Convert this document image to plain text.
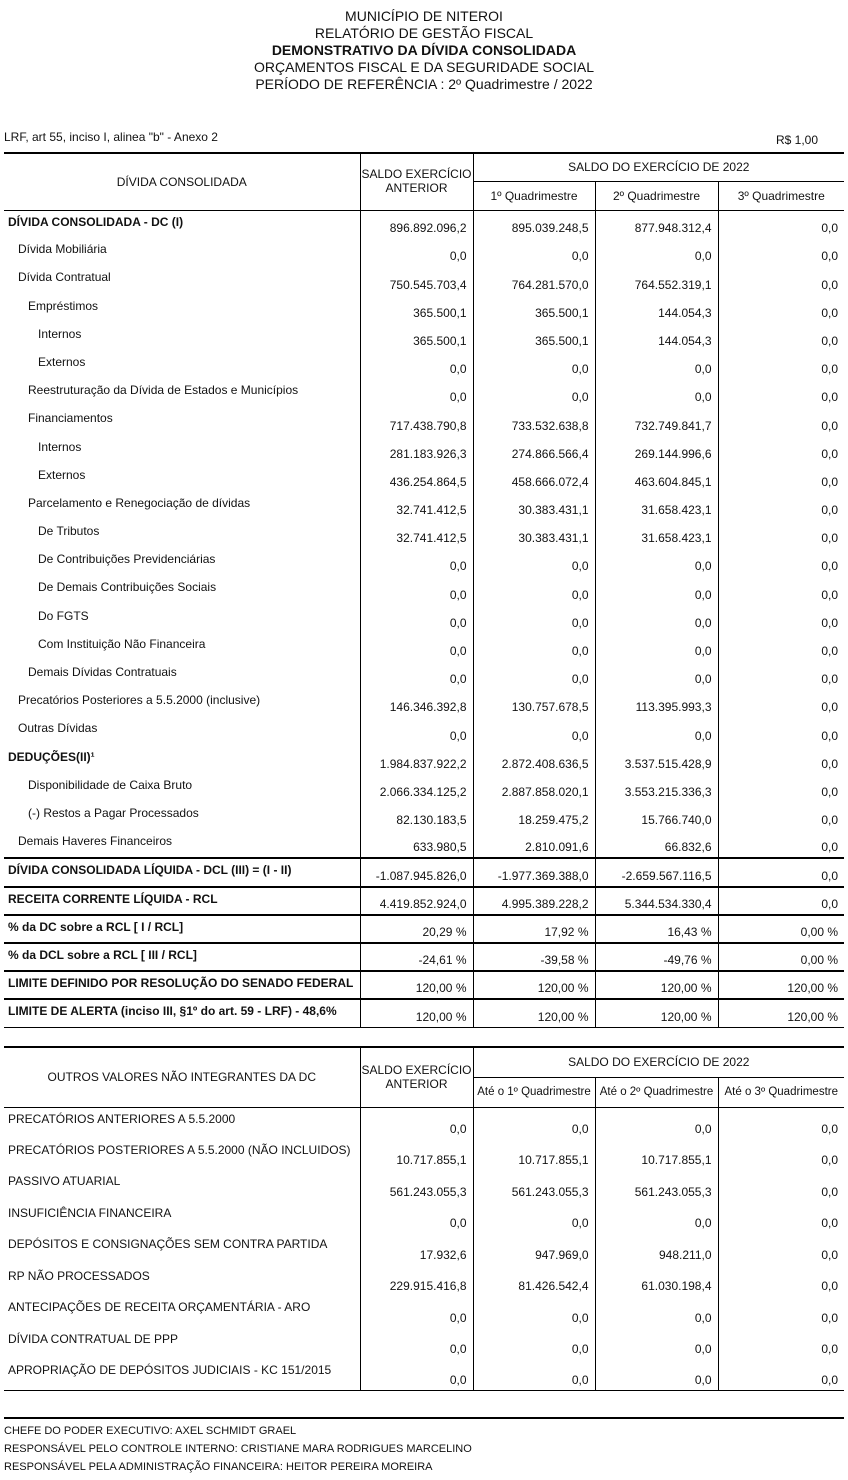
MUNICÍPIO DE NITEROI
RELATÓRIO DE GESTÃO FISCAL
DEMONSTRATIVO DA DÍVIDA CONSOLIDADA
ORÇAMENTOS FISCAL E DA SEGURIDADE SOCIAL
PERÍODO DE REFERÊNCIA : 2º Quadrimestre / 2022
LRF, art 55, inciso I, alinea "b" - Anexo 2	R$ 1,00
DÍVIDA CONSOLIDADA	SALDO EXERCÍCIO	SALDO DO EXERCÍCIO DE 2022		
	ANTERIOR	1º Quadrimestre	2º Quadrimestre	3º Quadrimestre
DÍVIDA CONSOLIDADA - DC (I)	896.892.096,2	895.039.248,5	877.948.312,4	0,0
Dívida Mobiliária	0,0	0,0	0,0	0,0
Dívida Contratual	750.545.703,4	764.281.570,0	764.552.319,1	0,0
Empréstimos	365.500,1	365.500,1	144.054,3	0,0
Internos	365.500,1	365.500,1	144.054,3	0,0
Externos	0,0	0,0	0,0	0,0
Reestruturação da Dívida de Estados e Municípios	0,0	0,0	0,0	0,0
Financiamentos	717.438.790,8	733.532.638,8	732.749.841,7	0,0
Internos	281.183.926,3	274.866.566,4	269.144.996,6	0,0
Externos	436.254.864,5	458.666.072,4	463.604.845,1	0,0
Parcelamento e Renegociação de dívidas	32.741.412,5	30.383.431,1	31.658.423,1	0,0
De Tributos	32.741.412,5	30.383.431,1	31.658.423,1	0,0
De Contribuições Previdenciárias	0,0	0,0	0,0	0,0
De Demais Contribuições Sociais	0,0	0,0	0,0	0,0
Do FGTS	0,0	0,0	0,0	0,0
Com Instituição Não Financeira	0,0	0,0	0,0	0,0
Demais Dívidas Contratuais	0,0	0,0	0,0	0,0
Precatórios Posteriores a 5.5.2000 (inclusive)	146.346.392,8	130.757.678,5	113.395.993,3	0,0
Outras Dívidas	0,0	0,0	0,0	0,0
DEDUÇÕES(II)¹	1.984.837.922,2	2.872.408.636,5	3.537.515.428,9	0,0
Disponibilidade de Caixa Bruto	2.066.334.125,2	2.887.858.020,1	3.553.215.336,3	0,0
(-) Restos a Pagar Processados	82.130.183,5	18.259.475,2	15.766.740,0	0,0
Demais Haveres Financeiros	633.980,5	2.810.091,6	66.832,6	0,0
DÍVIDA CONSOLIDADA LÍQUIDA - DCL (III) = (I - II)	-1.087.945.826,0	-1.977.369.388,0	-2.659.567.116,5	0,0
RECEITA CORRENTE LÍQUIDA - RCL	4.419.852.924,0	4.995.389.228,2	5.344.534.330,4	0,0
% da DC sobre a RCL [ I / RCL]	20,29 %	17,92 %	16,43 %	0,00 %
% da DCL sobre a RCL [ III / RCL]	-24,61 %	-39,58 %	-49,76 %	0,00 %
LIMITE DEFINIDO POR RESOLUÇÃO DO SENADO FEDERAL	120,00 %	120,00 %	120,00 %	120,00 %
LIMITE DE ALERTA (inciso III, §1º do art. 59 - LRF) - 48,6%	120,00 %	120,00 %	120,00 %	120,00 %
OUTROS VALORES NÃO INTEGRANTES DA DC	SALDO EXERCÍCIO	SALDO DO EXERCÍCIO DE 2022		
	ANTERIOR	Até o 1º Quadrimestre	Até o 2º Quadrimestre	Até o 3º Quadrimestre
PRECATÓRIOS ANTERIORES A 5.5.2000	0,0	0,0	0,0	0,0
PRECATÓRIOS POSTERIORES A 5.5.2000 (NÃO INCLUIDOS)	10.717.855,1	10.717.855,1	10.717.855,1	0,0
PASSIVO ATUARIAL	561.243.055,3	561.243.055,3	561.243.055,3	0,0
INSUFICIÊNCIA FINANCEIRA	0,0	0,0	0,0	0,0
DEPÓSITOS E CONSIGNAÇÕES SEM CONTRA PARTIDA	17.932,6	947.969,0	948.211,0	0,0
RP NÃO PROCESSADOS	229.915.416,8	81.426.542,4	61.030.198,4	0,0
ANTECIPAÇÕES DE RECEITA ORÇAMENTÁRIA - ARO	0,0	0,0	0,0	0,0
DÍVIDA CONTRATUAL DE PPP	0,0	0,0	0,0	0,0
APROPRIAÇÃO DE DEPÓSITOS JUDICIAIS - KC 151/2015	0,0	0,0	0,0	0,0
CHEFE DO PODER EXECUTIVO: AXEL SCHMIDT GRAEL
RESPONSÁVEL PELO CONTROLE INTERNO: CRISTIANE MARA RODRIGUES MARCELINO
RESPONSÁVEL PELA ADMINISTRAÇÃO FINANCEIRA: HEITOR PEREIRA MOREIRA
